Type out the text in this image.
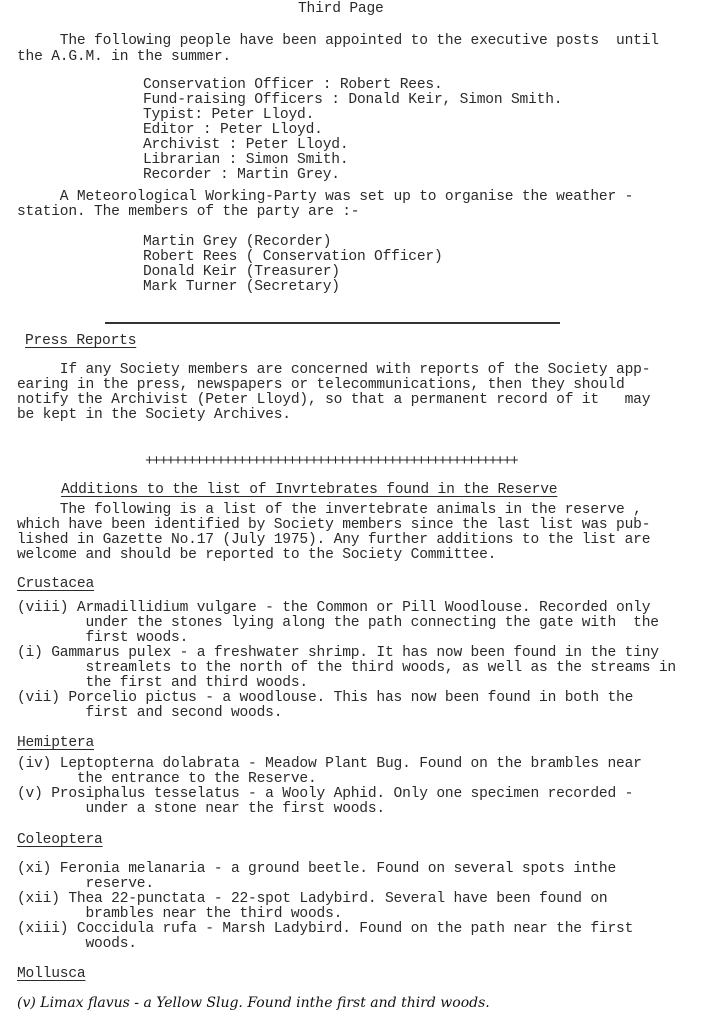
Third Page
The following people have been appointed to the executive posts  until
the A.G.M. in the summer.
Conservation Officer : Robert Rees.
Fund-raising Officers : Donald Keir, Simon Smith.
Typist: Peter Lloyd.
Editor : Peter Lloyd.
Archivist : Peter Lloyd.
Librarian : Simon Smith.
Recorder : Martin Grey.
A Meteorological Working-Party was set up to organise the weather -
station. The members of the party are :-
Martin Grey (Recorder)
Robert Rees ( Conservation Officer)
Donald Keir (Treasurer)
Mark Turner (Secretary)
Press Reports
If any Society members are concerned with reports of the Society app-
earing in the press, newspapers or telecommunications, then they should
notify the Archivist (Peter Lloyd), so that a permanent record of it   may
be kept in the Society Archives.
++++++++++++++++++++++++++++++++++++++++++++++++++++
Additions to the list of Invrtebrates found in the Reserve
The following is a list of the invertebrate animals in the reserve ,
which have been identified by Society members since the last list was pub-
lished in Gazette No.17 (July 1975). Any further additions to the list are
welcome and should be reported to the Society Committee.
Crustacea
(viii) Armadillidium vulgare - the Common or Pill Woodlouse. Recorded only
under the stones lying along the path connecting the gate with  the
first woods.
(i) Gammarus pulex - a freshwater shrimp. It has now been found in the tiny
streamlets to the north of the third woods, as well as the streams in
the first and third woods.
(vii) Porcelio pictus - a woodlouse. This has now been found in both the
first and second woods.
Hemiptera
(iv) Leptopterna dolabrata - Meadow Plant Bug. Found on the brambles near
the entrance to the Reserve.
(v) Prosiphalus tesselatus - a Wooly Aphid. Only one specimen recorded -
under a stone near the first woods.
Coleoptera
(xi) Feronia melanaria - a ground beetle. Found on several spots inthe
reserve.
(xii) Thea 22-punctata - 22-spot Ladybird. Several have been found on
brambles near the third woods.
(xiii) Coccidula rufa - Marsh Ladybird. Found on the path near the first
woods.
Mollusca
(v) Limax flavus - a Yellow Slug. Found inthe first and third woods.
